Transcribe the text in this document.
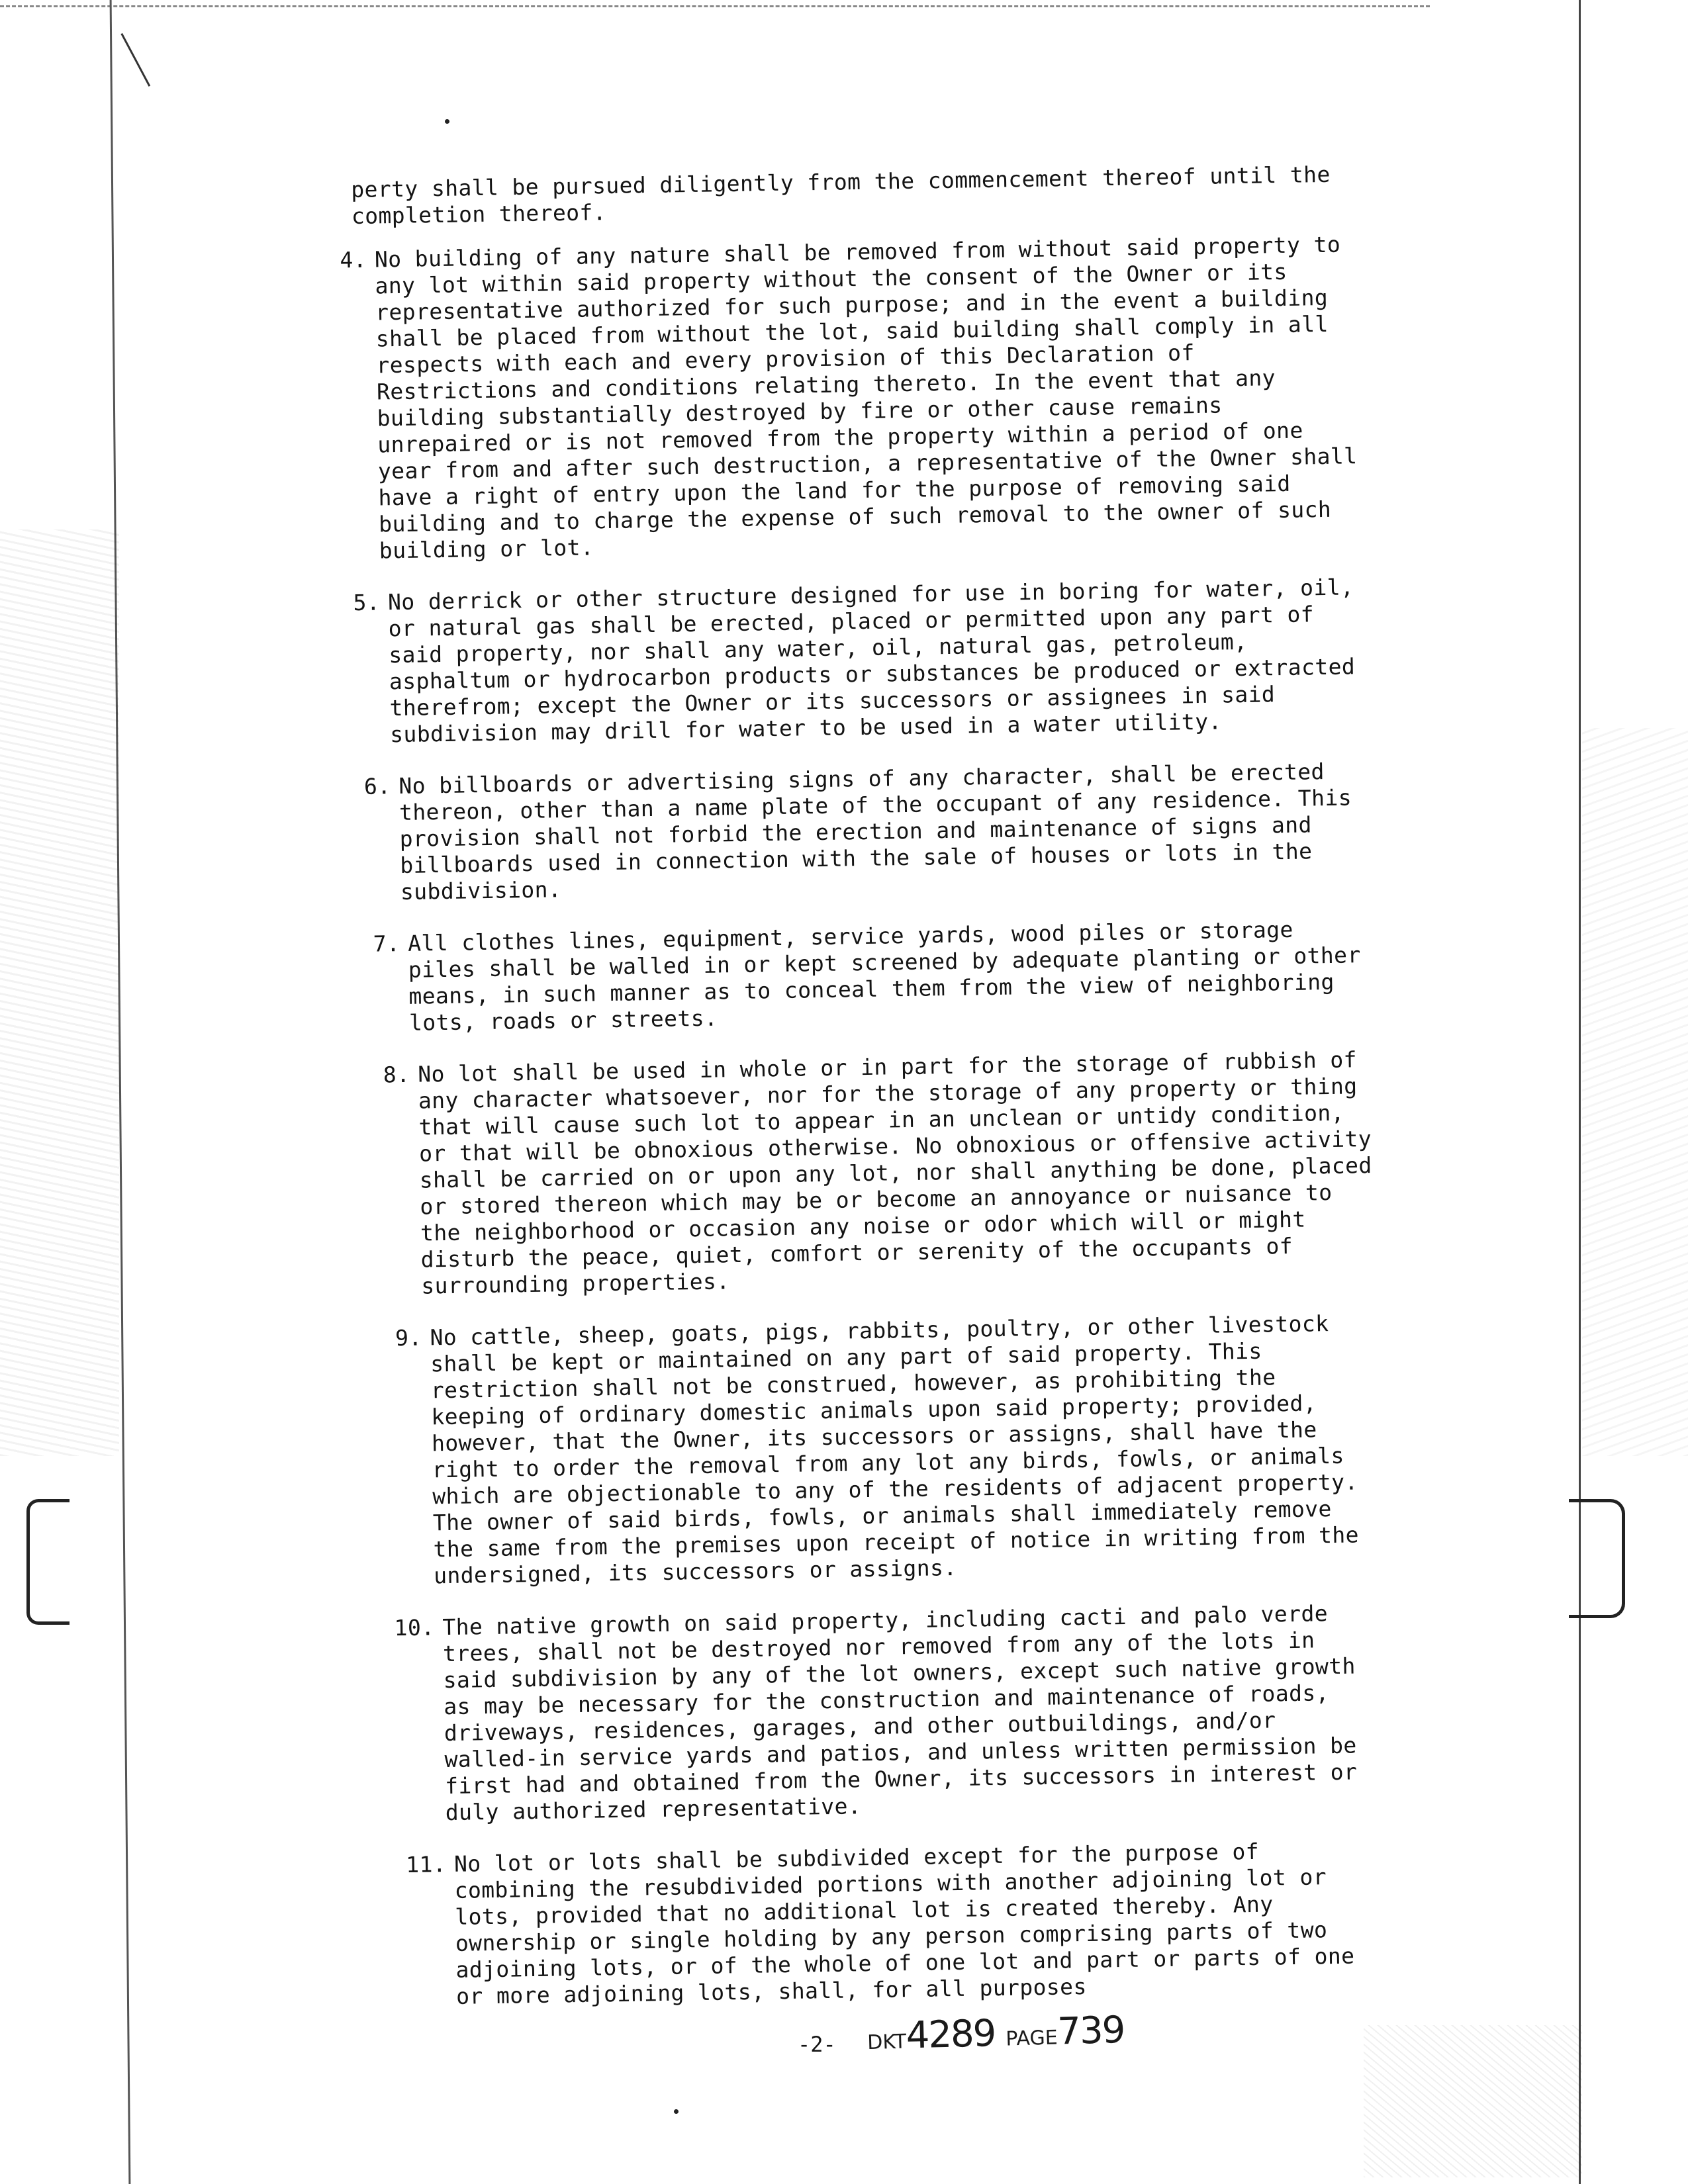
perty shall be pursued diligently from the commencement thereof until the completion thereof.
4. No building of any nature shall be removed from without said property to any lot within said property without the consent of the Owner or its representative authorized for such purpose; and in the event a building shall be placed from without the lot, said building shall comply in all respects with each and every provision of this Declaration of Restrictions and conditions relating thereto. In the event that any building substantially destroyed by fire or other cause remains unrepaired or is not removed from the property within a period of one year from and after such destruction, a representative of the Owner shall have a right of entry upon the land for the purpose of removing said building and to charge the expense of such removal to the owner of such building or lot.
5. No derrick or other structure designed for use in boring for water, oil, or natural gas shall be erected, placed or permitted upon any part of said property, nor shall any water, oil, natural gas, petroleum, asphaltum or hydrocarbon products or substances be produced or extracted therefrom; except the Owner or its successors or assignees in said subdivision may drill for water to be used in a water utility.
6. No billboards or advertising signs of any character, shall be erected thereon, other than a name plate of the occupant of any residence. This provision shall not forbid the erection and maintenance of signs and billboards used in connection with the sale of houses or lots in the subdivision.
7. All clothes lines, equipment, service yards, wood piles or storage piles shall be walled in or kept screened by adequate planting or other means, in such manner as to conceal them from the view of neighboring lots, roads or streets.
8. No lot shall be used in whole or in part for the storage of rubbish of any character whatsoever, nor for the storage of any property or thing that will cause such lot to appear in an unclean or untidy condition, or that will be obnoxious otherwise. No obnoxious or offensive activity shall be carried on or upon any lot, nor shall anything be done, placed or stored thereon which may be or become an annoyance or nuisance to the neighborhood or occasion any noise or odor which will or might disturb the peace, quiet, comfort or serenity of the occupants of surrounding properties.
9. No cattle, sheep, goats, pigs, rabbits, poultry, or other livestock shall be kept or maintained on any part of said property. This restriction shall not be construed, however, as prohibiting the keeping of ordinary domestic animals upon said property; provided, however, that the Owner, its successors or assigns, shall have the right to order the removal from any lot any birds, fowls, or animals which are objectionable to any of the residents of adjacent property. The owner of said birds, fowls, or animals shall immediately remove the same from the premises upon receipt of notice in writing from the undersigned, its successors or assigns.
10. The native growth on said property, including cacti and palo verde trees, shall not be destroyed nor removed from any of the lots in said subdivision by any of the lot owners, except such native growth as may be necessary for the construction and maintenance of roads, driveways, residences, garages, and other outbuildings, and/or walled-in service yards and patios, and unless written permission be first had and obtained from the Owner, its successors in interest or duly authorized representative.
11. No lot or lots shall be subdivided except for the purpose of combining the resubdivided portions with another adjoining lot or lots, provided that no additional lot is created thereby. Any ownership or single holding by any person comprising parts of two adjoining lots, or of the whole of one lot and part or parts of one or more adjoining lots, shall, for all purposes
-2- DKT4289 PAGE739
